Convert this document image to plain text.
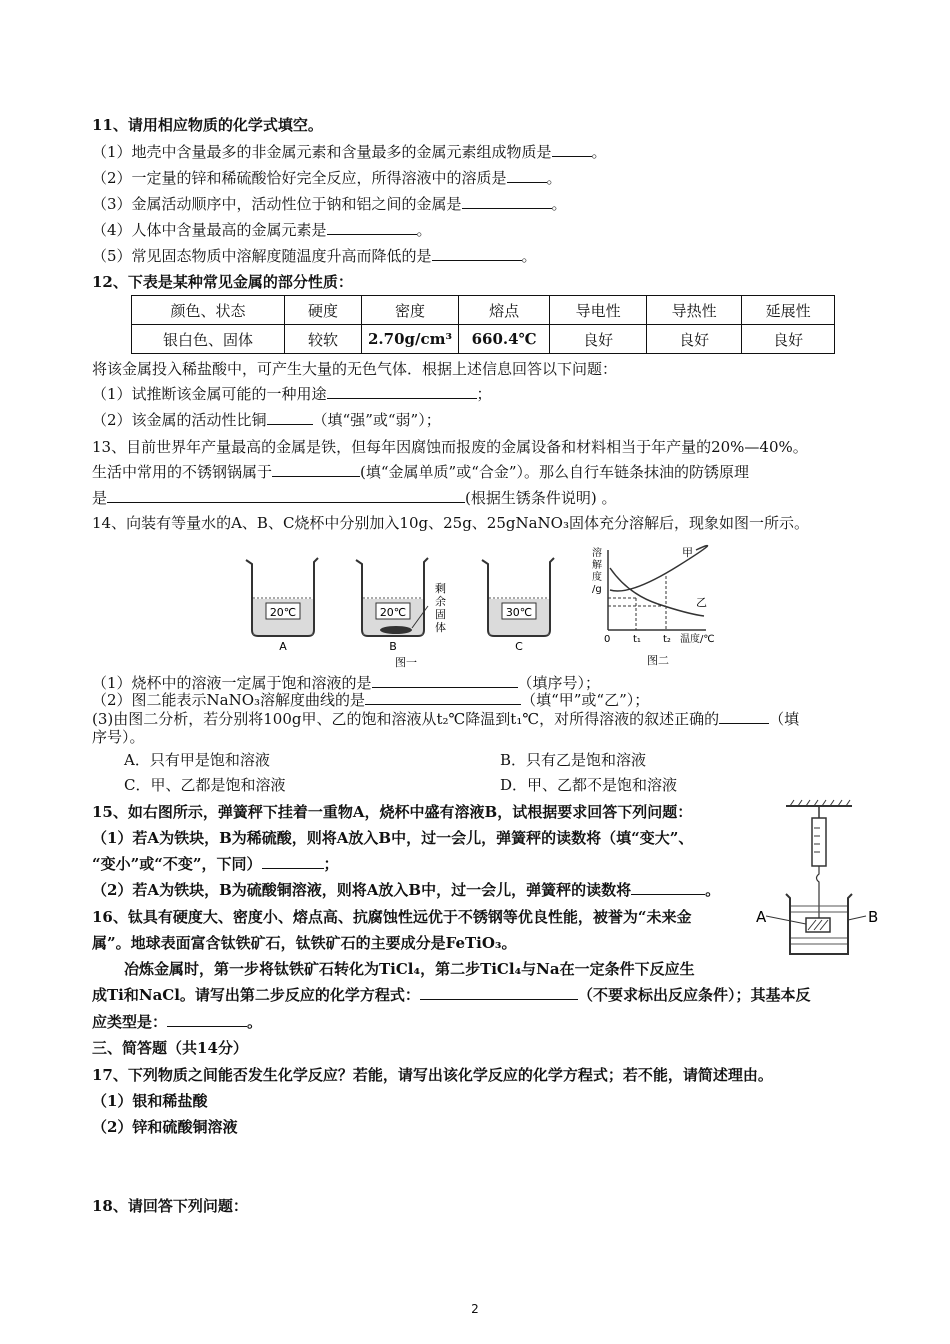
11、请用相应物质的化学式填空。
（1）地壳中含量最多的非金属元素和含量最多的金属元素组成物质是	。
（2）一定量的锌和稀硫酸恰好完全反应，所得溶液中的溶质是	。
（3）金属活动顺序中，活动性位于钠和铝之间的金属是	。
（4）人体中含量最高的金属元素是	。
（5）常见固态物质中溶解度随温度升高而降低的是	。
12、下表是某种常见金属的部分性质：
颜色、状态	硬度	密度	熔点	导电性	导热性	延展性
银白色、固体	较软	2.70g/cm³	660.4℃	良好	良好	良好
将该金属投入稀盐酸中，可产生大量的无色气体．根据上述信息回答以下问题：
（1）试推断该金属可能的一种用途	；
（2）该金属的活动性比铜	（填“强”或“弱”）；
13、目前世界年产量最高的金属是铁，但每年因腐蚀而报废的金属设备和材料相当于年产量的20%—40%。
生活中常用的不锈钢锅属于	(填“金属单质”或“合金”）。那么自行车链条抹油的防锈原理
是	(根据生锈条件说明) 。
14、向装有等量水的A、B、C烧杯中分别加入10g、25g、25gNaNO₃固体充分溶解后，现象如图一所示。
20℃	20℃	30℃
剩
余
固
体
A	B	C
图一
溶
解
度
/g
甲
乙
0 t₁ t₂ 温度/℃
图二
（1）烧杯中的溶液一定属于饱和溶液的是	（填序号）；
（2）图二能表示NaNO₃溶解度曲线的是	（填“甲”或“乙”）；
(3)由图二分析，若分别将100g甲、乙的饱和溶液从t₂℃降温到t₁℃，对所得溶液的叙述正确的	（填
序号）。
A．只有甲是饱和溶液	B．只有乙是饱和溶液
C．甲、乙都是饱和溶液	D．甲、乙都不是饱和溶液
15、如右图所示，弹簧秤下挂着一重物A，烧杯中盛有溶液B，试根据要求回答下列问题：
（1）若A为铁块，B为稀硫酸，则将A放入B中，过一会儿，弹簧秤的读数将（填“变大”、
“变小”或“不变”，下同）	；
（2）若A为铁块，B为硫酸铜溶液，则将A放入B中，过一会儿，弹簧秤的读数将	。
A	B
16、钛具有硬度大、密度小、熔点高、抗腐蚀性远优于不锈钢等优良性能，被誉为“未来金
属”。地球表面富含钛铁矿石，钛铁矿石的主要成分是FeTiO₃。
冶炼金属时，第一步将钛铁矿石转化为TiCl₄，第二步TiCl₄与Na在一定条件下反应生
成Ti和NaCl。请写出第二步反应的化学方程式：	（不要求标出反应条件）；其基本反
应类型是：	。
三、简答题（共14分）
17、下列物质之间能否发生化学反应？若能，请写出该化学反应的化学方程式；若不能，请简述理由。
（1）银和稀盐酸
（2）锌和硫酸铜溶液
18、请回答下列问题：
2
